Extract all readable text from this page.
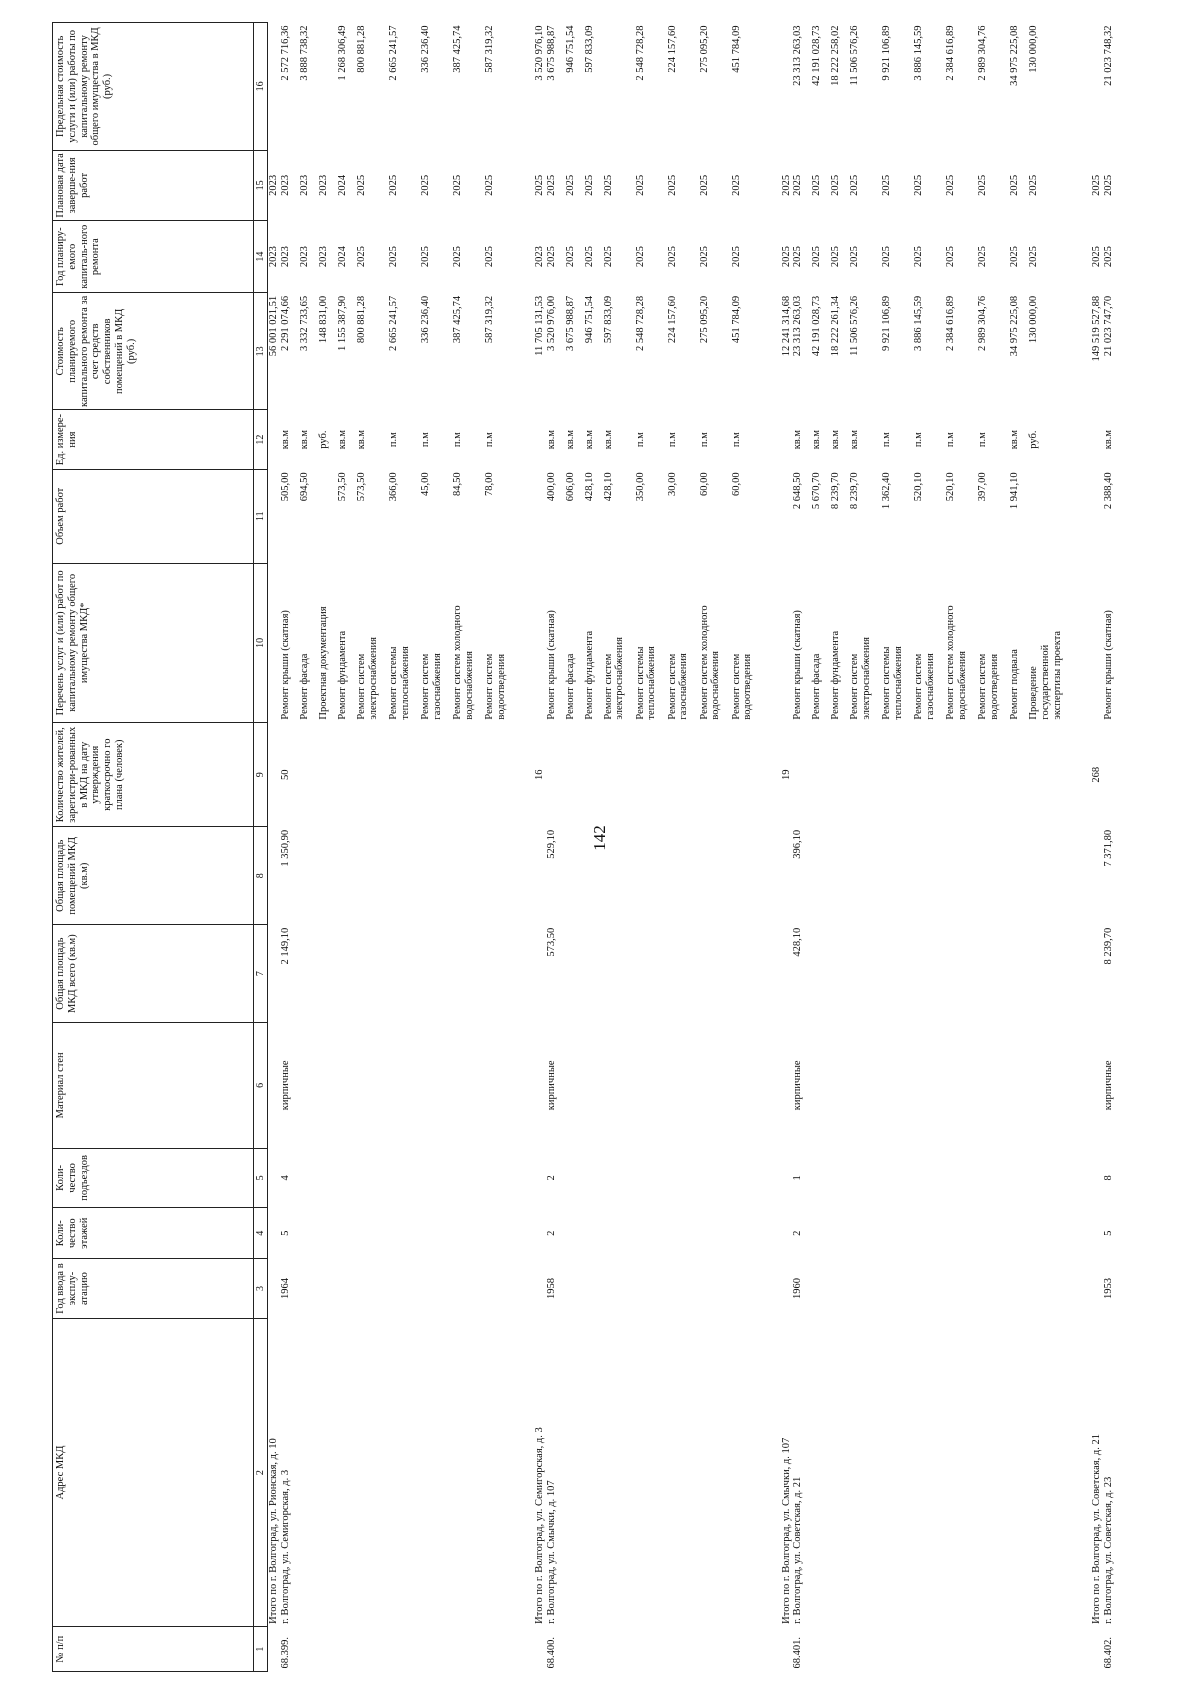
142
№ п/п	Адрес МКД	Год ввода в эксплу-атацию	Коли-чество этажей	Коли-чество подъездов	Материал стен	Общая площадь МКД всего (кв.м)	Общая площадь помещений МКД (кв.м)	Количество жителей, зарегистри-рованных в МКД на дату утверждения краткосрочно го плана (человек)	Перечень услуг и (или) работ по капитальному ремонту общего имущества МКД*	Объем работ	Ед. измере-ния	Стоимость планируемого капитального ремонта за счет средств собственников помещений в МКД (руб.)	Год планиру-емого капиталь-ного ремонта	Плановая дата заверше-ния работ	Предельная стоимость услуги и (или) работы по капитальному ремонту общего имущества в МКД (руб.)
1	2	3	4	5	6	7	8	9	10	11	12	13	14	15	16
	Итого по г. Волгоград, ул. Рионская, д. 10											56 001 021,51	2023	2023	
68.399.	г. Волгоград, ул. Семигорская, д. 3	1964	5	4	кирпичные	2 149,10	1 350,90	50	Ремонт крыши (скатная)	505,00	кв.м	2 291 074,66	2023	2023	2 572 716,36

									Ремонт фасада	694,50	кв.м	3 332 733,65	2023	2023	3 888 738,32

									Проектная документация		руб.	148 831,00	2023	2023	

									Ремонт фундамента	573,50	кв.м	1 155 387,90	2024	2024	1 268 306,49

									Ремонт систем электроснабжения	573,50	кв.м	800 881,28	2025	2025	800 881,28

									Ремонт системы теплоснабжения	366,00	п.м	2 665 241,57	2025	2025	2 665 241,57

									Ремонт систем газоснабжения	45,00	п.м	336 236,40	2025	2025	336 236,40

									Ремонт систем холодного водоснабжения	84,50	п.м	387 425,74	2025	2025	387 425,74

									Ремонт систем водоотведения	78,00	п.м	587 319,32	2025	2025	587 319,32

	Итого по г. Волгоград, ул. Семигорская, д. 3							16				11 705 131,53	2023	2025	3 520 976,10
68.400.	г. Волгоград, ул. Смычки, д. 107	1958	2	2	кирпичные	573,50	529,10		Ремонт крыши (скатная)	400,00	кв.м	3 520 976,00	2025	2025	3 675 988,87

									Ремонт фасада	606,00	кв.м	3 675 988,87	2025	2025	946 751,54

									Ремонт фундамента	428,10	кв.м	946 751,54	2025	2025	597 833,09

									Ремонт систем электроснабжения	428,10	кв.м	597 833,09	2025	2025	

									Ремонт системы теплоснабжения	350,00	п.м	2 548 728,28	2025	2025	2 548 728,28

									Ремонт систем газоснабжения	30,00	п.м	224 157,60	2025	2025	224 157,60

									Ремонт систем холодного водоснабжения	60,00	п.м	275 095,20	2025	2025	275 095,20

									Ремонт систем водоотведения	60,00	п.м	451 784,09	2025	2025	451 784,09

	Итого по г. Волгоград, ул. Смычки, д. 107							19				12 241 314,68	2025	2025	
68.401.	г. Волгоград, ул. Советская, д. 21	1960	2	1	кирпичные	428,10	396,10		Ремонт крыши (скатная)	2 648,50	кв.м	23 313 263,03	2025	2025	23 313 263,03

									Ремонт фасада	5 670,70	кв.м	42 191 028,73	2025	2025	42 191 028,73

									Ремонт фундамента	8 239,70	кв.м	18 222 261,34	2025	2025	18 222 258,02

									Ремонт систем электроснабжения	8 239,70	кв.м	11 506 576,26	2025	2025	11 506 576,26

									Ремонт системы теплоснабжения	1 362,40	п.м	9 921 106,89	2025	2025	9 921 106,89

									Ремонт систем газоснабжения	520,10	п.м	3 886 145,59	2025	2025	3 886 145,59

									Ремонт систем холодного водоснабжения	520,10	п.м	2 384 616,89	2025	2025	2 384 616,89

									Ремонт систем водоотведения	397,00	п.м	2 989 304,76	2025	2025	2 989 304,76

									Ремонт подвала	1 941,10	кв.м	34 975 225,08	2025	2025	34 975 225,08

									Проведение государственной экспертизы проекта		руб.	130 000,00	2025	2025	130 000,00

	Итого по г. Волгоград, ул. Советская, д. 21							268				149 519 527,88	2025	2025	
68.402.	г. Волгоград, ул. Советская, д. 23	1953	5	8	кирпичные	8 239,70	7 371,80		Ремонт крыши (скатная)	2 388,40	кв.м	21 023 747,70	2025	2025	21 023 748,32
